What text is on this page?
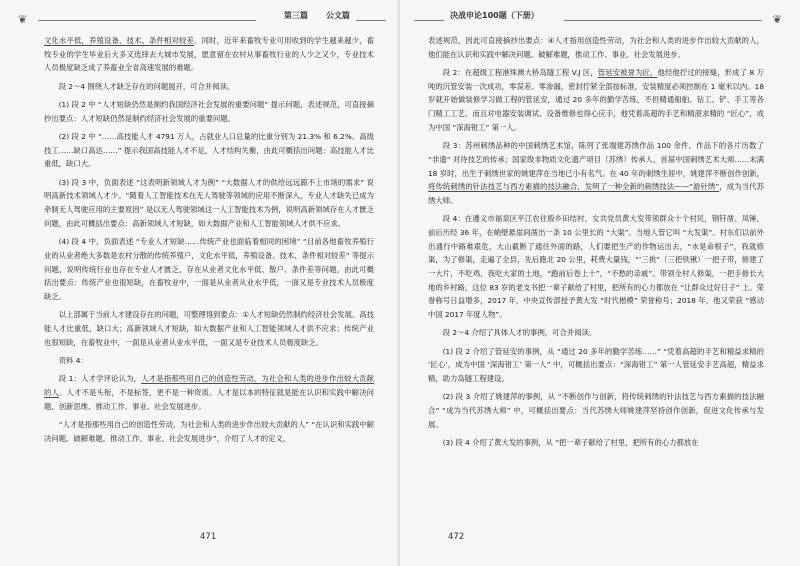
❦	第三篇 公文篇

文化水平低，养殖设备、技术、条件相对较差。同时，近年来畜牧专业可用收到的学生越来越少，畜牧专业的学生毕业后大多又选择去大城市发展，愿意留在农村从事畜牧行业的人少之又少，专业技术人员极度缺乏成了养畜业全省高速发展的难题。

段 2～4 围绕人才缺乏存在的问题展开，可合并阅读。

(1) 段 2 中 “人才短缺仍然是制约我国经济社会发展的重要问题” 提示问题，表述规范，可直接摘抄出要点：人才短缺仍然是制约经济社会发展的重要问题。

(2) 段 2 中 “……高技能人才 4791 万人，占就业人口总量的比重分别为 21.3% 和 6.2%。高级技工……缺口高达……” 提示我国高技能人才不足，人才结构失衡，由此可概括出问题：高技能人才比重低，缺口大。

(3) 段 3 中，负面表述 “这表明新领域人才为例” “大数据人才的供给远远跟不上市场的需求” 说明高新技术领域人才少。“随着人工智能技术在无人驾驶等领域的应用不断深入，专业人才缺失已成为牵制无人驾驶应用的主要原因” 是以无人驾驶领域这一人工智能技术为例，说明高新领域存在人才匮乏问题，由此可概括出要点：高新领域人才短缺，如大数据产业和人工智能领域人才供不应求。

(4) 段 4 中，负面表述 “专业人才短缺……传统产业也面临着相同的困境” “目前各地畜牧养殖行业的从业者绝大多数是农村分散的传统养殖户，文化水平低，养殖设备、技术、条件相对较差” 等提示问题，说明传统行业也存在专业人才匮乏，存在从业者文化水平低、散户、条件差等问题，由此可概括出要点：传统产业也很短缺，在畜牧业中，一面是从业者从业水平低，一面又是专业技术人员极度缺乏。

以上部属于当前人才建设存在的问题，可整理得到要点：①人才短缺仍然制约经济社会发展。高技能人才比重低，缺口大；高新领域人才短缺，如大数据产业和人工智能领域人才供不应求；传统产业也很短缺，在畜牧业中，一面是从业者从业水平低，一面又是专业技术人员极度缺乏。

资料 4：

段 1：人才学评论认为，人才是指那些用自己的创造性劳动，为社会和人类的进步作出较大贡献的人。人才不是头衔，不是标签，更不是一种资质。人才是以本的特征就是能在认识和实践中解决问题、创新思维、推动工作、事业、社会发展进步。

“人才是指那些用自己的创造性劳动，为社会和人类的进步作出较大贡献的人” “在认识和实践中解决问题、破解难题，推动工作、事业、社会发展进步”，介绍了人才的定义，

471
决战申论100题（下册）	❦

表述规范，因此可直接摘抄出要点：④人才指用创造性劳动，为社会和人类的进步作出较大贡献的人，他们能在认识和实践中解决问题、破解难题，推动工作、事业、社会发展进步。

段 2：在超级工程港珠澳大桥岛隧工程 V.J 区，管延安被誉为匠，他经他拧过的接缝，形成了 8 万吨的沉管安装一次成功，零误差、零渗漏，密封拧紧全部按标准，安装精度必须控制在 1 毫米以内。18 岁就开始做装修学习做工程的管延安，通过 20 多年的勤学苦练，不但精通船舶、钻工、铲、手工等各门精工工艺，而且对电器安装调试、设备维修也得心应手，他凭着高超的手艺和精湛求精的 “匠心”，成为中国 “深海钳工” 第一人。

段 3：苏州刺绣品种的中国刺绣艺术馆，陈列了张端建苏绣作品 100 余件，作品下的各片历数了 “非遗” 对待技艺的传承；国家级非物质文化遗产项目（苏绣）传承人、首届中国刺绣艺术大师……未满 18 岁时，出生于刺绣世家的姚建萍在当地已小有名气。在 40 年的刺绣生涯中，姚建萍不断创作创新，将传统刺绣的针法技艺与西方素描的技法融合，发明了一种全新的刺绣技法——“游针绣”，成为当代苏绣大师。

段 4：在遵义市福泉区平江农住殷乡田结村，女共党员黄大发带领群众十个村民，钢钎凿、凤锤，前后历经 36 年，在峭壁悬崖间凿出一条 10 公里长的 “大渠”。当地人管它叫 “大发渠”。村东们以前外出通行中路难艰危，大山截断了通往外面的路，人们要把生产的作物运出去，“水是命根子”，我就修渠，为了修渠，走遍了全县，先后跑北 20 公里，耗费大量钱，“‘三挑”（三把铁锹）一把子带，修建了一大片，不吃鸡，我吃大家的土地，“跑前后卷上十”，“不愁的亲戚”。带领全村人修渠，一把手修长大地的乡村路，这位 83 岁的老支书把一辈子献给了村里，把所有的心力都放在 “让群众过好日子” 上。荣誉称号日益增多，2017 年，中央宣传部授予黄大发 “时代楷模” 荣誉称号；2018 年，他又荣获 “感动中国 2017 年度人物”。

段 2～4 介绍了具体人才的事例，可合并阅读。

(1) 段 2 介绍了管延安的事例，从 “通过 20 多年的勤学苦练……” “凭着高超的手艺和精益求精的 ‘匠心’，成为中国 ‘深海钳工’ 第一人” 中，可概括出要点：“深海钳工” 第一人管延安手艺高超，精益求精，助力岛隧工程建设。

(2) 段 3 介绍了姚建萍的事例，从 “不断创作与创新，将传统刺绣的针法技艺与西方素描的技法融合” “成为当代苏绣大师” 中，可概括出要点：当代苏绣大师姚建萍坚持创作创新，促进文化传承与发展。

(3) 段 4 介绍了黄大发的事例，从 “把一辈子献给了村里，把所有的心力都放在

472
